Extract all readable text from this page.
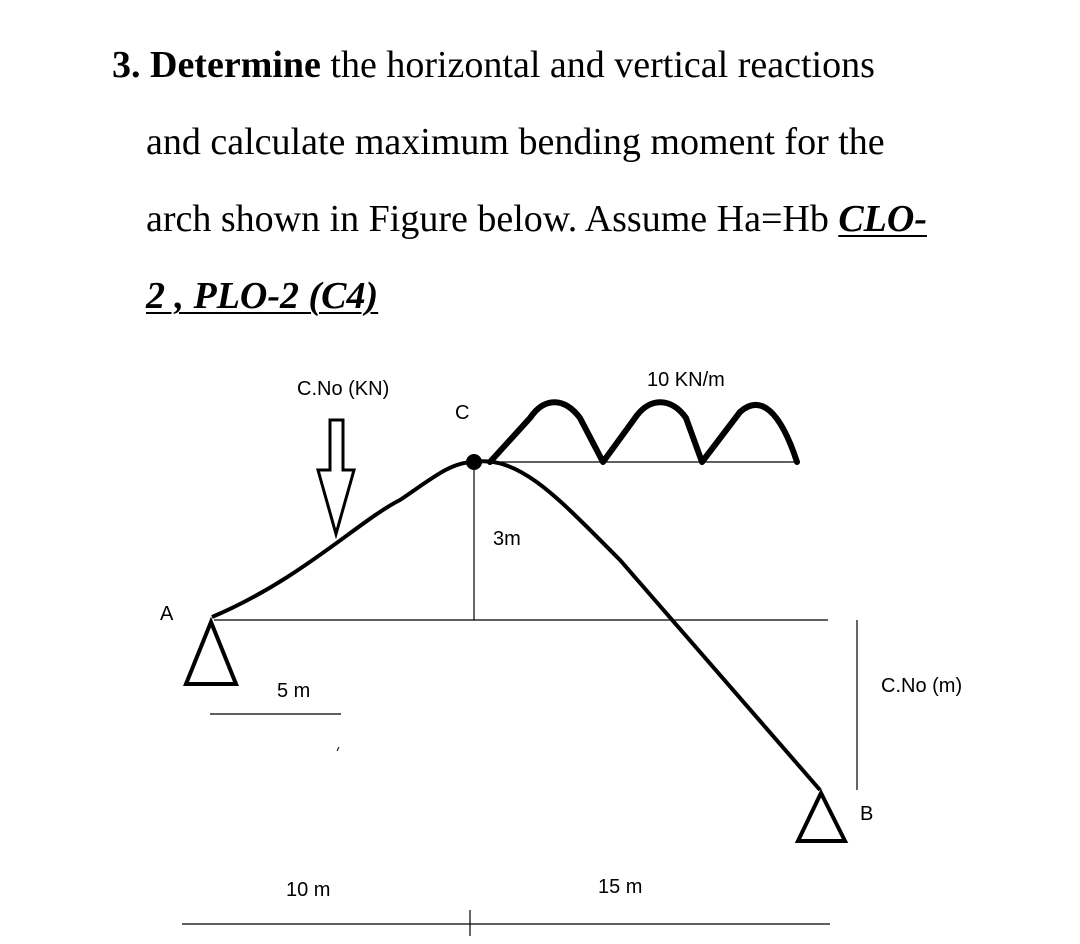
3. Determine the horizontal and vertical reactions
and calculate maximum bending moment for the
arch shown in Figure below. Assume Ha=Hb CLO-
2 , PLO-2 (C4)
C.No (KN)	10 KN/m
C
3m
A
5 m	C.No (m)
B
10 m	15 m
